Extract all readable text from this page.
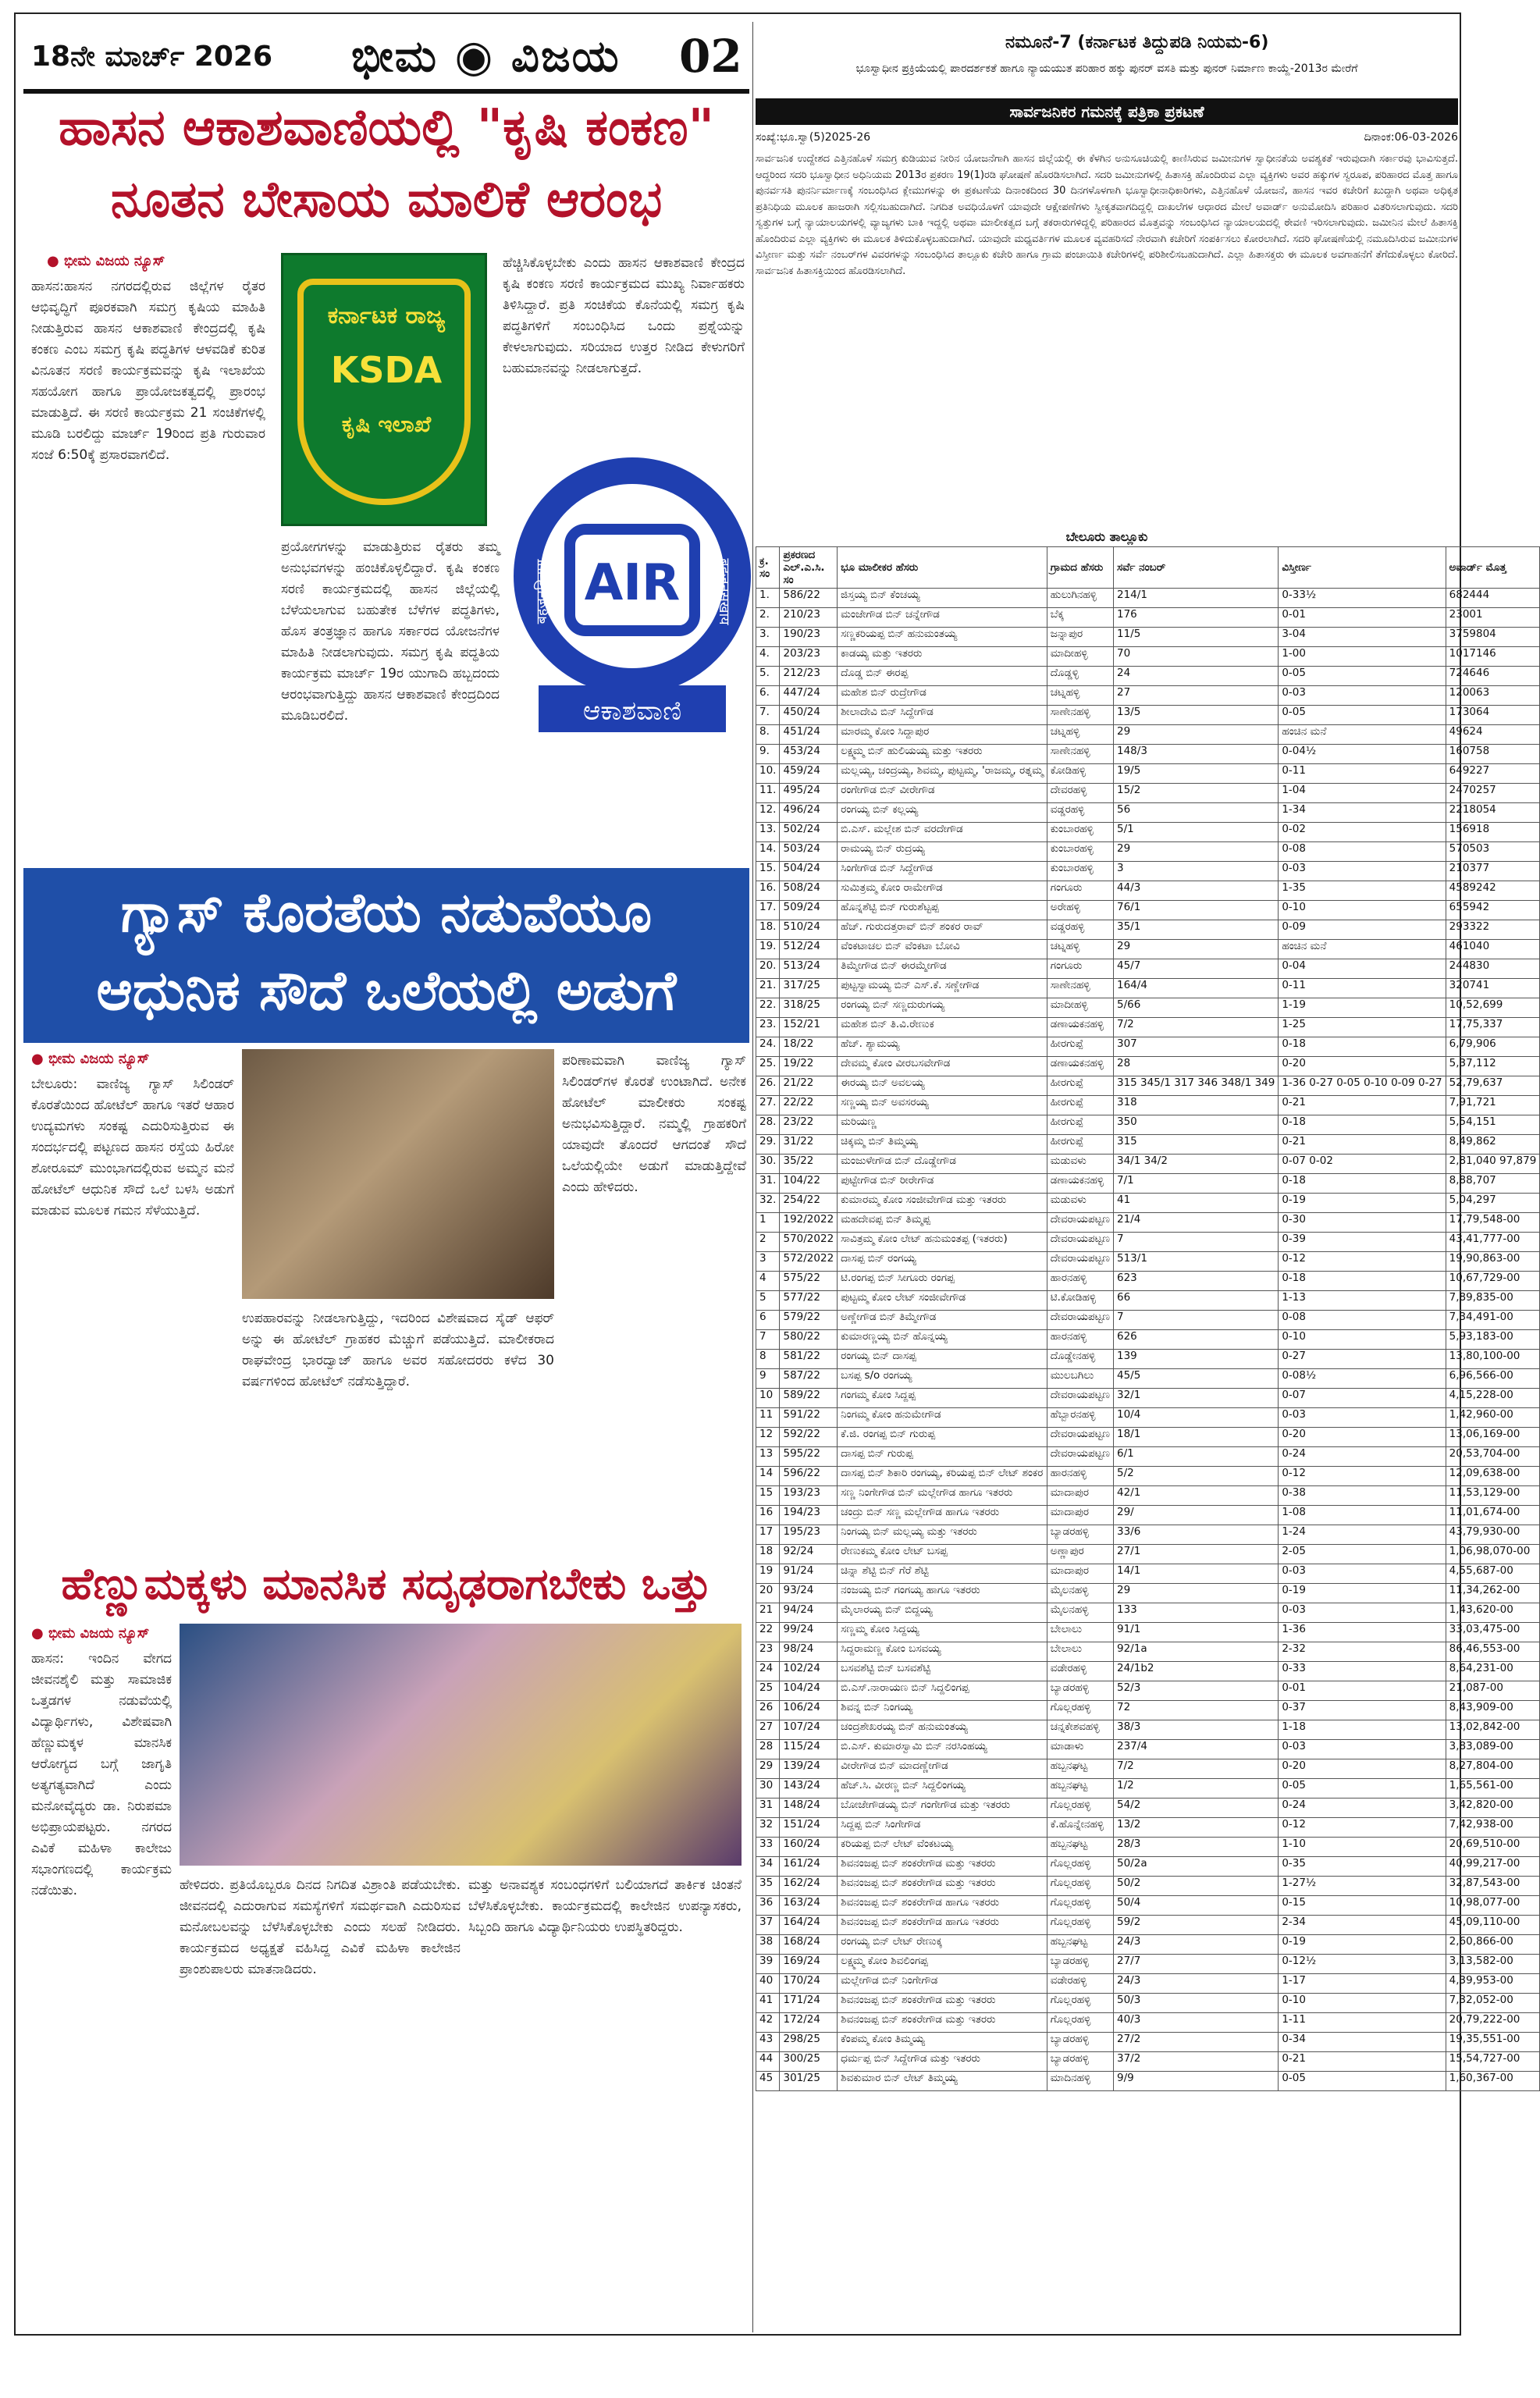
18ನೇ ಮಾರ್ಚ್ 2026 ಭೀಮ ◉ ವಿಜಯ 02
ಹಾಸನ ಆಕಾಶವಾಣಿಯಲ್ಲಿ "ಕೃಷಿ ಕಂಕಣ"
ನೂತನ ಬೇಸಾಯ ಮಾಲಿಕೆ ಆರಂಭ
● ಭೀಮ ವಿಜಯ ನ್ಯೂಸ್
ಹಾಸನ:ಹಾಸನ ನಗರದಲ್ಲಿರುವ ಜಿಲ್ಲೆಗಳ ರೈತರ ಆಭಿವೃದ್ಧಿಗೆ ಪೂರಕವಾಗಿ ಸಮಗ್ರ ಕೃಷಿಯ ಮಾಹಿತಿ ನೀಡುತ್ತಿರುವ ಹಾಸನ ಆಕಾಶವಾಣಿ ಕೇಂದ್ರದಲ್ಲಿ ಕೃಷಿ ಕಂಕಣ ಎಂಬ ಸಮಗ್ರ ಕೃಷಿ ಪದ್ಧತಿಗಳ ಆಳವಡಿಕೆ ಕುರಿತ ವಿನೂತನ ಸರಣಿ ಕಾರ್ಯಕ್ರಮವನ್ನು ಕೃಷಿ ಇಲಾಖೆಯ ಸಹಯೋಗ ಹಾಗೂ ಪ್ರಾಯೋಜಕತ್ವದಲ್ಲಿ ಪ್ರಾರಂಭ ಮಾಡುತ್ತಿದೆ. ಈ ಸರಣಿ ಕಾರ್ಯಕ್ರಮ 21 ಸಂಚಿಕೆಗಳಲ್ಲಿ ಮೂಡಿ ಬರಲಿದ್ದು ಮಾರ್ಚ್ 19ರಿಂದ ಪ್ರತಿ ಗುರುವಾರ ಸಂಜೆ 6:50ಕ್ಕೆ ಪ್ರಸಾರವಾಗಲಿದೆ.
ಕರ್ನಾಟಕ ರಾಜ್ಯ
KSDA
ಕೃಷಿ ಇಲಾಖೆ
ಹೆಚ್ಚಿಸಿಕೊಳ್ಳಬೇಕು ಎಂದು ಹಾಸನ ಆಕಾಶವಾಣಿ ಕೇಂದ್ರದ ಕೃಷಿ ಕಂಕಣ ಸರಣಿ ಕಾರ್ಯಕ್ರಮದ ಮುಖ್ಯ ನಿರ್ವಾಹಕರು ತಿಳಿಸಿದ್ದಾರೆ. ಪ್ರತಿ ಸಂಚಿಕೆಯ ಕೊನೆಯಲ್ಲಿ ಸಮಗ್ರ ಕೃಷಿ ಪದ್ಧತಿಗಳಿಗೆ ಸಂಬಂಧಿಸಿದ ಒಂದು ಪ್ರಶ್ನೆಯನ್ನು ಕೇಳಲಾಗುವುದು. ಸರಿಯಾದ ಉತ್ತರ ನೀಡಿದ ಕೇಳುಗರಿಗೆ ಬಹುಮಾನವನ್ನು ನೀಡಲಾಗುತ್ತದೆ.
ಪ್ರಯೋಗಗಳನ್ನು ಮಾಡುತ್ತಿರುವ ರೈತರು ತಮ್ಮ ಅನುಭವಗಳನ್ನು ಹಂಚಿಕೊಳ್ಳಲಿದ್ದಾರೆ. ಕೃಷಿ ಕಂಕಣ ಸರಣಿ ಕಾರ್ಯಕ್ರಮದಲ್ಲಿ ಹಾಸನ ಜಿಲ್ಲೆಯಲ್ಲಿ ಬೆಳೆಯಲಾಗುವ ಬಹುತೇಕ ಬೆಳೆಗಳ ಪದ್ಧತಿಗಳು, ಹೊಸ ತಂತ್ರಜ್ಞಾನ ಹಾಗೂ ಸರ್ಕಾರದ ಯೋಜನೆಗಳ ಮಾಹಿತಿ ನೀಡಲಾಗುವುದು. ಸಮಗ್ರ ಕೃಷಿ ಪದ್ಧತಿಯ ಕಾರ್ಯಕ್ರಮ ಮಾರ್ಚ್ 19ರ ಯುಗಾದಿ ಹಬ್ಬದಂದು ಆರಂಭವಾಗುತ್ತಿದ್ದು ಹಾಸನ ಆಕಾಶವಾಣಿ ಕೇಂದ್ರದಿಂದ ಮೂಡಿಬರಲಿದೆ.
AIR
बहुजनहिताय	बहुजनसुखाय
ಆಕಾಶವಾಣಿ
ಗ್ಯಾಸ್ ಕೊರತೆಯ ನಡುವೆಯೂ
ಆಧುನಿಕ ಸೌದೆ ಒಲೆಯಲ್ಲಿ ಅಡುಗೆ
● ಭೀಮ ವಿಜಯ ನ್ಯೂಸ್
ಬೇಲೂರು: ವಾಣಿಜ್ಯ ಗ್ಯಾಸ್ ಸಿಲಿಂಡರ್ ಕೊರತೆಯಿಂದ ಹೋಟೆಲ್ ಹಾಗೂ ಇತರೆ ಆಹಾರ ಉದ್ಯಮಗಳು ಸಂಕಷ್ಟ ಎದುರಿಸುತ್ತಿರುವ ಈ ಸಂದರ್ಭದಲ್ಲಿ ಪಟ್ಟಣದ ಹಾಸನ ರಸ್ತೆಯ ಹಿರೋ ಶೋರೂಮ್ ಮುಂಭಾಗದಲ್ಲಿರುವ ಅಮ್ಮನ ಮನೆ ಹೋಟೆಲ್ ಆಧುನಿಕ ಸೌದೆ ಒಲೆ ಬಳಸಿ ಅಡುಗೆ ಮಾಡುವ ಮೂಲಕ ಗಮನ ಸೆಳೆಯುತ್ತಿದೆ.
ಉಪಹಾರವನ್ನು ನೀಡಲಾಗುತ್ತಿದ್ದು, ಇದರಿಂದ ವಿಶೇಷವಾದ ಸೈಡ್ ಆಫರ್ ಅನ್ನು ಈ ಹೋಟೆಲ್ ಗ್ರಾಹಕರ ಮೆಚ್ಚುಗೆ ಪಡೆಯುತ್ತಿದೆ. ಮಾಲೀಕರಾದ ರಾಘವೇಂದ್ರ ಭಾರದ್ವಾಜ್ ಹಾಗೂ ಅವರ ಸಹೋದರರು ಕಳೆದ 30 ವರ್ಷಗಳಿಂದ ಹೋಟೆಲ್ ನಡೆಸುತ್ತಿದ್ದಾರೆ.
ಪರಿಣಾಮವಾಗಿ ವಾಣಿಜ್ಯ ಗ್ಯಾಸ್ ಸಿಲಿಂಡರ್‌ಗಳ ಕೊರತೆ ಉಂಟಾಗಿದೆ. ಅನೇಕ ಹೋಟೆಲ್ ಮಾಲೀಕರು ಸಂಕಷ್ಟ ಅನುಭವಿಸುತ್ತಿದ್ದಾರೆ. ನಮ್ಮಲ್ಲಿ ಗ್ರಾಹಕರಿಗೆ ಯಾವುದೇ ತೊಂದರೆ ಆಗದಂತೆ ಸೌದೆ ಒಲೆಯಲ್ಲಿಯೇ ಅಡುಗೆ ಮಾಡುತ್ತಿದ್ದೇವೆ ಎಂದು ಹೇಳಿದರು.
ಹೆಣ್ಣುಮಕ್ಕಳು ಮಾನಸಿಕ ಸದೃಢರಾಗಬೇಕು ಒತ್ತು
● ಭೀಮ ವಿಜಯ ನ್ಯೂಸ್
ಹಾಸನ: ಇಂದಿನ ವೇಗದ ಜೀವನಶೈಲಿ ಮತ್ತು ಸಾಮಾಜಿಕ ಒತ್ತಡಗಳ ನಡುವೆಯಲ್ಲಿ ವಿದ್ಯಾರ್ಥಿಗಳು, ವಿಶೇಷವಾಗಿ ಹೆಣ್ಣುಮಕ್ಕಳ ಮಾನಸಿಕ ಆರೋಗ್ಯದ ಬಗ್ಗೆ ಜಾಗೃತಿ ಅತ್ಯಗತ್ಯವಾಗಿದೆ ಎಂದು ಮನೋವೈದ್ಯರು ಡಾ. ನಿರುಪಮಾ ಅಭಿಪ್ರಾಯಪಟ್ಟರು. ನಗರದ ಎವಿಕೆ ಮಹಿಳಾ ಕಾಲೇಜು ಸಭಾಂಗಣದಲ್ಲಿ ಕಾರ್ಯಕ್ರಮ ನಡೆಯಿತು.	ಹೇಳಿದರು. ಪ್ರತಿಯೊಬ್ಬರೂ ದಿನದ ನಿಗದಿತ ವಿಶ್ರಾಂತಿ ಪಡೆಯಬೇಕು. ಜೀವನದಲ್ಲಿ ಎದುರಾಗುವ ಸಮಸ್ಯೆಗಳಿಗೆ ಸಮರ್ಥವಾಗಿ ಎದುರಿಸುವ ಮನೋಬಲವನ್ನು ಬೆಳೆಸಿಕೊಳ್ಳಬೇಕು ಎಂದು ಸಲಹೆ ನೀಡಿದರು. ಕಾರ್ಯಕ್ರಮದ ಅಧ್ಯಕ್ಷತೆ ವಹಿಸಿದ್ದ ಎವಿಕೆ ಮಹಿಳಾ ಕಾಲೇಜಿನ ಪ್ರಾಂಶುಪಾಲರು ಮಾತನಾಡಿದರು.
ಮತ್ತು ಅನಾವಶ್ಯಕ ಸಂಬಂಧಗಳಿಗೆ ಬಲಿಯಾಗದೆ ತಾರ್ಕಿಕ ಚಿಂತನೆ ಬೆಳೆಸಿಕೊಳ್ಳಬೇಕು. ಕಾರ್ಯಕ್ರಮದಲ್ಲಿ ಕಾಲೇಜಿನ ಉಪನ್ಯಾಸಕರು, ಸಿಬ್ಬಂದಿ ಹಾಗೂ ವಿದ್ಯಾರ್ಥಿನಿಯರು ಉಪಸ್ಥಿತರಿದ್ದರು.
ನಮೂನೆ-7 (ಕರ್ನಾಟಕ ತಿದ್ದುಪಡಿ ನಿಯಮ-6)
ಭೂಸ್ವಾಧೀನ ಪ್ರಕ್ರಿಯೆಯಲ್ಲಿ ಪಾರದರ್ಶಕತೆ ಹಾಗೂ ನ್ಯಾಯಯುತ ಪರಿಹಾರ ಹಕ್ಕು ಪುನರ್ ವಸತಿ ಮತ್ತು ಪುನರ್ ನಿರ್ಮಾಣ ಕಾಯ್ದೆ-2013ರ ಮೇರೆಗೆ
ಸಾರ್ವಜನಿಕರ ಗಮನಕ್ಕೆ ಪತ್ರಿಕಾ ಪ್ರಕಟಣೆ
ಸಂಖ್ಯೆ:ಭೂ.ಸ್ವಾ(5)2025-26	ದಿನಾಂಕ:06-03-2026
ಸಾರ್ವಜನಿಕ ಉದ್ದೇಶದ ಎತ್ತಿನಹೊಳೆ ಸಮಗ್ರ ಕುಡಿಯುವ ನೀರಿನ ಯೋಜನೆಗಾಗಿ ಹಾಸನ ಜಿಲ್ಲೆಯಲ್ಲಿ ಈ ಕೆಳಗಿನ ಅನುಸೂಚಿಯಲ್ಲಿ ಕಾಣಿಸಿರುವ ಜಮೀನುಗಳ ಸ್ವಾಧೀನತೆಯ ಅವಶ್ಯಕತೆ ಇರುವುದಾಗಿ ಸರ್ಕಾರವು ಭಾವಿಸುತ್ತದೆ. ಆದ್ದರಿಂದ ಸದರಿ ಭೂಸ್ವಾಧೀನ ಅಧಿನಿಯಮ 2013ರ ಪ್ರಕರಣ 19(1)ರಡಿ ಘೋಷಣೆ ಹೊರಡಿಸಲಾಗಿದೆ. ಸದರಿ ಜಮೀನುಗಳಲ್ಲಿ ಹಿತಾಸಕ್ತಿ ಹೊಂದಿರುವ ಎಲ್ಲಾ ವ್ಯಕ್ತಿಗಳು ಅವರ ಹಕ್ಕುಗಳ ಸ್ವರೂಪ, ಪರಿಹಾರದ ಮೊತ್ತ ಹಾಗೂ ಪುನರ್ವಸತಿ ಪುನರ್ನಿರ್ಮಾಣಕ್ಕೆ ಸಂಬಂಧಿಸಿದ ಕ್ಲೇಮುಗಳನ್ನು ಈ ಪ್ರಕಟಣೆಯ ದಿನಾಂಕದಿಂದ 30 ದಿನಗಳೊಳಗಾಗಿ ಭೂಸ್ವಾಧೀನಾಧಿಕಾರಿಗಳು, ಎತ್ತಿನಹೊಳೆ ಯೋಜನೆ, ಹಾಸನ ಇವರ ಕಚೇರಿಗೆ ಖುದ್ದಾಗಿ ಅಥವಾ ಅಧಿಕೃತ ಪ್ರತಿನಿಧಿಯ ಮೂಲಕ ಹಾಜರಾಗಿ ಸಲ್ಲಿಸಬಹುದಾಗಿದೆ. ನಿಗದಿತ ಅವಧಿಯೊಳಗೆ ಯಾವುದೇ ಆಕ್ಷೇಪಣೆಗಳು ಸ್ವೀಕೃತವಾಗದಿದ್ದಲ್ಲಿ ದಾಖಲೆಗಳ ಆಧಾರದ ಮೇಲೆ ಅವಾರ್ಡ್ ಅನುಮೋದಿಸಿ ಪರಿಹಾರ ವಿತರಿಸಲಾಗುವುದು. ಸದರಿ ಸ್ವತ್ತುಗಳ ಬಗ್ಗೆ ನ್ಯಾಯಾಲಯಗಳಲ್ಲಿ ವ್ಯಾಜ್ಯಗಳು ಬಾಕಿ ಇದ್ದಲ್ಲಿ ಅಥವಾ ಮಾಲೀಕತ್ವದ ಬಗ್ಗೆ ತಕರಾರುಗಳಿದ್ದಲ್ಲಿ ಪರಿಹಾರದ ಮೊತ್ತವನ್ನು ಸಂಬಂಧಿಸಿದ ನ್ಯಾಯಾಲಯದಲ್ಲಿ ಠೇವಣಿ ಇರಿಸಲಾಗುವುದು. ಜಮೀನಿನ ಮೇಲೆ ಹಿತಾಸಕ್ತಿ ಹೊಂದಿರುವ ಎಲ್ಲಾ ವ್ಯಕ್ತಿಗಳು ಈ ಮೂಲಕ ತಿಳಿದುಕೊಳ್ಳಬಹುದಾಗಿದೆ. ಯಾವುದೇ ಮಧ್ಯವರ್ತಿಗಳ ಮೂಲಕ ವ್ಯವಹರಿಸದೆ ನೇರವಾಗಿ ಕಚೇರಿಗೆ ಸಂಪರ್ಕಿಸಲು ಕೋರಲಾಗಿದೆ. ಸದರಿ ಘೋಷಣೆಯಲ್ಲಿ ನಮೂದಿಸಿರುವ ಜಮೀನುಗಳ ವಿಸ್ತೀರ್ಣ ಮತ್ತು ಸರ್ವೆ ನಂಬರ್‌ಗಳ ವಿವರಗಳನ್ನು ಸಂಬಂಧಿಸಿದ ತಾಲ್ಲೂಕು ಕಚೇರಿ ಹಾಗೂ ಗ್ರಾಮ ಪಂಚಾಯಿತಿ ಕಚೇರಿಗಳಲ್ಲಿ ಪರಿಶೀಲಿಸಬಹುದಾಗಿದೆ. ಎಲ್ಲಾ ಹಿತಾಸಕ್ತರು ಈ ಮೂಲಕ ಅವಗಾಹನೆಗೆ ತೆಗೆದುಕೊಳ್ಳಲು ಕೋರಿದೆ. ಸಾರ್ವಜನಿಕ ಹಿತಾಸಕ್ತಿಯಿಂದ ಹೊರಡಿಸಲಾಗಿದೆ.
ಬೇಲೂರು ತಾಲ್ಲೂಕು
ಕ್ರ. ಸಂ	ಪ್ರಕರಣದ ಎಲ್.ಎ.ಸಿ. ಸಂ	ಭೂ ಮಾಲೀಕರ ಹೆಸರು	ಗ್ರಾಮದ ಹೆಸರು	ಸರ್ವೆ ನಂಬರ್	ವಿಸ್ತೀರ್ಣ	ಅವಾರ್ಡ್ ಮೊತ್ತ
1.	586/22	ಜಿಸ್ತಯ್ಯ ಬಿನ್ ಕೆಂಚಯ್ಯ	ಹುಲುಗಿನಹಳ್ಳಿ	214/1	0-33½	682444
2.	210/23	ಮಂಜೇಗೌಡ ಬಿನ್ ಚನ್ನೇಗೌಡ	ಬೆಕ್ಕ	176	0-01	23001
3.	190/23	ಸಣ್ಣಕರಿಯಪ್ಪ ಬಿನ್ ಹನುಮಂತಯ್ಯ	ಜನ್ನಾಪುರ	11/5	3-04	3759804
4.	203/23	ಕಾಡಯ್ಯ ಮತ್ತು ಇತರರು	ಮಾದೀಹಳ್ಳಿ	70	1-00	1017146
5.	212/23	ದೊಡ್ಡ ಬಿನ್ ಈರಪ್ಪ	ದೊಡ್ಡಳ್ಳಿ	24	0-05	724646
6.	447/24	ಮಹೇಶ ಬಿನ್ ರುದ್ರೇಗೌಡ	ಚಟ್ನಹಳ್ಳಿ	27	0-03	120063
7.	450/24	ಶೀಲಾದೇವಿ ಬಿನ್ ಸಿದ್ದೇಗೌಡ	ಸಾಣೇನಹಳ್ಳಿ	13/5	0-05	173064
8.	451/24	ಮಾರಮ್ಮ ಕೋಂ ಸಿದ್ದಾಪುರ	ಚಟ್ನಹಳ್ಳಿ	29	ಹಂಚಿನ ಮನೆ	49624
9.	453/24	ಲಕ್ಷ್ಮಮ್ಮ ಬಿನ್ ಹುಲಿಯಯ್ಯ ಮತ್ತು ಇತರರು	ಸಾಣೇನಹಳ್ಳಿ	148/3	0-04½	160758
10.	459/24	ಮಲ್ಲಯ್ಯ, ಚಂದ್ರಯ್ಯ, ಶಿವಮ್ಮ, ಪುಟ್ಟಮ್ಮ, 'ರಾಜಮ್ಮ, ರತ್ನಮ್ಮ	ಕೋಡಿಹಳ್ಳಿ	19/5	0-11	649227
11.	495/24	ರಂಗೇಗೌಡ ಬಿನ್ ವೀರೇಗೌಡ	ದೇವರಹಳ್ಳಿ	15/2	1-04	2470257
12.	496/24	ರಂಗಯ್ಯ ಬಿನ್ ಕಲ್ಲಯ್ಯ	ವಡ್ಡರಹಳ್ಳಿ	56	1-34	2218054
13.	502/24	ಬಿ.ಎಸ್. ಮಲ್ಲೇಶ ಬಿನ್ ವರದೇಗೌಡ	ಕುಂಬಾರಹಳ್ಳಿ	5/1	0-02	156918
14.	503/24	ರಾಮಯ್ಯ ಬಿನ್ ರುದ್ರಯ್ಯ	ಕುಂಬಾರಹಳ್ಳಿ	29	0-08	570503
15.	504/24	ಸಿಂಗೇಗೌಡ ಬಿನ್ ಸಿದ್ದೇಗೌಡ	ಕುಂಬಾರಹಳ್ಳಿ	3	0-03	210377
16.	508/24	ಸುಮಿತ್ರಮ್ಮ ಕೋಂ ರಾಮೇಗೌಡ	ಗಂಗೂರು	44/3	1-35	4589242
17.	509/24	ಹೊನ್ನಶೆಟ್ಟಿ ಬಿನ್ ಗುರುಶೆಟ್ಟಪ್ಪ	ಅರೇಹಳ್ಳಿ	76/1	0-10	655942
18.	510/24	ಹೆಚ್. ಗುರುದತ್ತರಾವ್ ಬಿನ್ ಶಂಕರ ರಾವ್	ವಡ್ಡರಹಳ್ಳಿ	35/1	0-09	293322
19.	512/24	ವೆಂಕಟಾಚಲ ಬಿನ್ ವೆಂಕಟಾ ಬೋವಿ	ಚಟ್ನಹಳ್ಳಿ	29	ಹಂಚಿನ ಮನೆ	461040
20.	513/24	ತಿಮ್ಮೇಗೌಡ ಬಿನ್ ಈರಮ್ಮೇಗೌಡ	ಗಂಗೂರು	45/7	0-04	244830
21.	317/25	ಪುಟ್ಟಸ್ವಾಮಯ್ಯ ಬಿನ್ ಎಸ್.ಕೆ. ಸಣ್ಣೇಗೌಡ	ಸಾಣೇನಹಳ್ಳಿ	164/4	0-11	320741
22.	318/25	ರಂಗಯ್ಯ ಬಿನ್ ಸಣ್ಣದುರುಗಯ್ಯ	ಮಾದೀಹಳ್ಳಿ	5/66	1-19	10,52,699
23.	152/21	ಮಹೇಶ ಬಿನ್ ತಿ.ವಿ.ರೇಣುಕ	ಡಣಾಯಕನಹಳ್ಳಿ	7/2	1-25	17,75,337
24.	18/22	ಹೆಚ್. ಶ್ಯಾಮಯ್ಯ	ಹೀರಗುಪ್ಪೆ	307	0-18	6,79,906
25.	19/22	ದೇವಮ್ಮ ಕೋಂ ವೀರಬಸವೇಗೌಡ	ಡಣಾಯಕನಹಳ್ಳಿ	28	0-20	5,37,112
26.	21/22	ಈರಯ್ಯ ಬಿನ್ ಅವಲಯ್ಯ	ಹೀರಗುಪ್ಪೆ	315 345/1 317 346 348/1 349	1-36 0-27 0-05 0-10 0-09 0-27	52,79,637
27.	22/22	ಸಣ್ಣಯ್ಯ ಬಿನ್ ಅವಸರಯ್ಯ	ಹೀರಗುಪ್ಪೆ	318	0-21	7,91,721
28.	23/22	ಮರಿಯಣ್ಣ	ಹೀರಗುಪ್ಪೆ	350	0-18	5,54,151
29.	31/22	ಚಿಕ್ಕಮ್ಮ ಬಿನ್ ತಿಮ್ಮಯ್ಯ	ಹೀರಗುಪ್ಪೆ	315	0-21	8,49,862
30.	35/22	ಮಂಜುಳೇಗೌಡ ಬಿನ್ ದೊಡ್ಡೇಗೌಡ	ಮಡುವಳು	34/1 34/2	0-07 0-02	2,81,040 97,879
31.	104/22	ಪುಟ್ಟೇಗೌಡ ಬಿನ್ ರೀರೇಗೌಡ	ಡಣಾಯಕನಹಳ್ಳಿ	7/1	0-18	8,88,707
32.	254/22	ಕುಮಾರಮ್ಮ ಕೋಂ ಸಂಜೀವೇಗೌಡ ಮತ್ತು ಇತರರು	ಮಡುವಳು	41	0-19	5,04,297
1	192/2022	ಮಹದೇವಪ್ಪ ಬಿನ್ ತಿಮ್ಮಪ್ಪ	ದೇವರಾಯಪಟ್ಟಣ	21/4	0-30	17,79,548-00
2	570/2022	ಸಾವಿತ್ರಮ್ಮ ಕೋಂ ಲೇಟ್ ಹನುಮಂತಪ್ಪ (ಇತರರು)	ದೇವರಾಯಪಟ್ಟಣ	7	0-39	43,41,777-00
3	572/2022	ದಾಸಪ್ಪ ಬಿನ್ ರಂಗಯ್ಯ	ದೇವರಾಯಪಟ್ಟಣ	513/1	0-12	19,90,863-00
4	575/22	ಟಿ.ರಂಗಪ್ಪ ಬಿನ್ ಸೀಗೂರು ರಂಗಪ್ಪ	ಹಾರನಹಳ್ಳಿ	623	0-18	10,67,729-00
5	577/22	ಪುಟ್ಟಮ್ಮ ಕೋಂ ಲೇಟ್ ಸಂಜೀವೇಗೌಡ	ಟಿ.ಕೋಡಿಹಳ್ಳಿ	66	1-13	7,89,835-00
6	579/22	ಅಣ್ಣೇಗೌಡ ಬಿನ್ ತಿಮ್ಮೇಗೌಡ	ದೇವರಾಯಪಟ್ಟಣ	7	0-08	7,34,491-00
7	580/22	ಕುಮಾರಣ್ಣಯ್ಯ ಬಿನ್ ಹೊನ್ನಯ್ಯ	ಹಾರನಹಳ್ಳಿ	626	0-10	5,93,183-00
8	581/22	ರಂಗಯ್ಯ ಬಿನ್ ದಾಸಪ್ಪ	ದೊಡ್ಡೇನಹಳ್ಳಿ	139	0-27	13,80,100-00
9	587/22	ಬಸಪ್ಪ s/o ರಂಗಯ್ಯ	ಮುಲಬಗಿಲು	45/5	0-08½	6,96,566-00
10	589/22	ಗಂಗಮ್ಮ ಕೋಂ ಸಿದ್ದಪ್ಪ	ದೇವರಾಯಪಟ್ಟಣ	32/1	0-07	4,15,228-00
11	591/22	ನಿಂಗಮ್ಮ ಕೋಂ ಹನುಮೇಗೌಡ	ಹೆಬ್ಬಾರನಹಳ್ಳಿ	10/4	0-03	1,42,960-00
12	592/22	ಕೆ.ಜಿ. ರಂಗಪ್ಪ ಬಿನ್ ಗುರುಪ್ಪ	ದೇವರಾಯಪಟ್ಟಣ	18/1	0-20	13,06,169-00
13	595/22	ದಾಸಪ್ಪ ಬಿನ್ ಗುರುಪ್ಪ	ದೇವರಾಯಪಟ್ಟಣ	6/1	0-24	20,53,704-00
14	596/22	ದಾಸಪ್ಪ ಬಿನ್ ಶಿಕಾರಿ ರಂಗಯ್ಯ, ಕರಿಯಪ್ಪ ಬಿನ್ ಲೇಟ್ ಶಂಕರ	ಹಾರನಹಳ್ಳಿ	5/2	0-12	12,09,638-00
15	193/23	ಸಣ್ಣ ನಿಂಗೇಗೌಡ ಬಿನ್ ಮಲ್ಲೇಗೌಡ ಹಾಗೂ ಇತರರು	ಮಾದಾಪುರ	42/1	0-38	11,53,129-00
16	194/23	ಚಂದ್ರು ಬಿನ್ ಸಣ್ಣ ಮಲ್ಲೇಗೌಡ ಹಾಗೂ ಇತರರು	ಮಾದಾಪುರ	29/	1-08	11,01,674-00
17	195/23	ನಿಂಗಯ್ಯ ಬಿನ್ ಮಲ್ಲಯ್ಯ ಮತ್ತು ಇತರರು	ಬ್ಯಾಡರಹಳ್ಳಿ	33/6	1-24	43,79,930-00
18	92/24	ರೇಣುಕಮ್ಮ ಕೋಂ ಲೇಟ್ ಬಸಪ್ಪ	ಅಣ್ಣಾಪುರ	27/1	2-05	1,06,98,070-00
19	91/24	ಚಿನ್ನಾ ಶೆಟ್ಟಿ ಬಿನ್ ಗೆರೆ ಶೆಟ್ಟಿ	ಮಾದಾಪುರ	14/1	0-03	4,55,687-00
20	93/24	ನಂಜಯ್ಯ ಬಿನ್ ಗಂಗಯ್ಯ ಹಾಗೂ ಇತರರು	ಮೈಲನಹಳ್ಳಿ	29	0-19	11,34,262-00
21	94/24	ಮೈಲಾರಯ್ಯ ಬಿನ್ ಬಿದ್ದಯ್ಯ	ಮೈಲನಹಳ್ಳಿ	133	0-03	1,43,620-00
22	99/24	ಸಣ್ಣಮ್ಮ ಕೋಂ ಸಿದ್ದಯ್ಯ	ಬೇಲಾಲು	91/1	1-36	33,03,475-00
23	98/24	ಸಿದ್ದರಾಮಣ್ಣ ಕೋಂ ಬಸವಯ್ಯ	ಬೇಲಾಲು	92/1a	2-32	86,46,553-00
24	102/24	ಬಸವಶೆಟ್ಟಿ ಬಿನ್ ಬಸವಶೆಟ್ಟಿ	ವಡೇರಹಳ್ಳಿ	24/1b2	0-33	8,64,231-00
25	104/24	ಬಿ.ಎಸ್.ನಾರಾಯಣ ಬಿನ್ ಸಿದ್ದಲಿಂಗಪ್ಪ	ಬ್ಯಾಡರಹಳ್ಳಿ	52/3	0-01	21,087-00
26	106/24	ಶಿವನ್ನ ಬಿನ್ ನಿಂಗಯ್ಯ	ಗೊಲ್ಲರಹಳ್ಳಿ	72	0-37	8,43,909-00
27	107/24	ಚಂದ್ರಶೇಖರಯ್ಯ ಬಿನ್ ಹನುಮಂತಯ್ಯ	ಚನ್ನಕೇಶವಹಳ್ಳಿ	38/3	1-18	13,02,842-00
28	115/24	ಬಿ.ಎಸ್. ಕುಮಾರಸ್ವಾಮಿ ಬಿನ್ ನರಸಿಂಹಯ್ಯ	ಮಾಡಾಳು	237/4	0-03	3,83,089-00
29	139/24	ವೀರೇಗೌಡ ಬಿನ್ ಮಾದಣ್ಣೇಗೌಡ	ಹಬ್ಬನಘಟ್ಟ	7/2	0-20	8,27,804-00
30	143/24	ಹೆಚ್.ಸಿ. ವೀರಣ್ಣ ಬಿನ್ ಸಿದ್ದಲಿಂಗಯ್ಯ	ಹಬ್ಬನಘಟ್ಟ	1/2	0-05	1,65,561-00
31	148/24	ಬೋಜೇಗೌಡಯ್ಯ ಬಿನ್ ಗಂಗೇಗೌಡ ಮತ್ತು ಇತರರು	ಗೊಲ್ಲರಹಳ್ಳಿ	54/2	0-24	3,42,820-00
32	151/24	ಸಿದ್ದಪ್ಪ ಬಿನ್ ಸಿಂಗೇಗೌಡ	ಕೆ.ಹೊನ್ನೇನಹಳ್ಳಿ	13/2	0-12	7,42,938-00
33	160/24	ಕರಿಯಪ್ಪ ಬಿನ್ ಲೇಟ್ ವೆಂಕಟಯ್ಯ	ಹಬ್ಬನಘಟ್ಟ	28/3	1-10	20,69,510-00
34	161/24	ಶಿವನಂಜಪ್ಪ ಬಿನ್ ಶಂಕರೇಗೌಡ ಮತ್ತು ಇತರರು	ಗೊಲ್ಲರಹಳ್ಳಿ	50/2a	0-35	40,99,217-00
35	162/24	ಶಿವನಂಜಪ್ಪ ಬಿನ್ ಶಂಕರೇಗೌಡ ಮತ್ತು ಇತರರು	ಗೊಲ್ಲರಹಳ್ಳಿ	50/2	1-27½	32,87,543-00
36	163/24	ಶಿವನಂಜಪ್ಪ ಬಿನ್ ಶಂಕರೇಗೌಡ ಹಾಗೂ ಇತರರು	ಗೊಲ್ಲರಹಳ್ಳಿ	50/4	0-15	10,98,077-00
37	164/24	ಶಿವನಂಜಪ್ಪ ಬಿನ್ ಶಂಕರೇಗೌಡ ಹಾಗೂ ಇತರರು	ಗೊಲ್ಲರಹಳ್ಳಿ	59/2	2-34	45,09,110-00
38	168/24	ರಂಗಯ್ಯ ಬಿನ್ ಲೇಟ್ ರೇಣುಕ್ಕ	ಹಬ್ಬನಘಟ್ಟ	24/3	0-19	2,60,866-00
39	169/24	ಲಕ್ಷ್ಮಮ್ಮ ಕೋಂ ಶಿವಲಿಂಗಪ್ಪ	ಬ್ಯಾಡರಹಳ್ಳಿ	27/7	0-12½	3,13,582-00
40	170/24	ಮಲ್ಲೇಗೌಡ ಬಿನ್ ನಿಂಗೇಗೌಡ	ವಡೇರಹಳ್ಳಿ	24/3	1-17	4,39,953-00
41	171/24	ಶಿವನಂಜಪ್ಪ ಬಿನ್ ಶಂಕರೇಗೌಡ ಮತ್ತು ಇತರರು	ಗೊಲ್ಲರಹಳ್ಳಿ	50/3	0-10	7,32,052-00
42	172/24	ಶಿವನಂಜಪ್ಪ ಬಿನ್ ಶಂಕರೇಗೌಡ ಮತ್ತು ಇತರರು	ಗೊಲ್ಲರಹಳ್ಳಿ	40/3	1-11	20,79,222-00
43	298/25	ಕೆಂಪಮ್ಮ ಕೋಂ ತಿಮ್ಮಯ್ಯ	ಬ್ಯಾಡರಹಳ್ಳಿ	27/2	0-34	19,35,551-00
44	300/25	ಧರ್ಮಪ್ಪ ಬಿನ್ ಸಿದ್ದೇಗೌಡ ಮತ್ತು ಇತರರು	ಬ್ಯಾಡರಹಳ್ಳಿ	37/2	0-21	15,54,727-00
45	301/25	ಶಿವಕುಮಾರ ಬಿನ್ ಲೇಟ್ ತಿಮ್ಮಯ್ಯ	ಮಾದಿನಹಳ್ಳಿ	9/9	0-05	1,60,367-00
